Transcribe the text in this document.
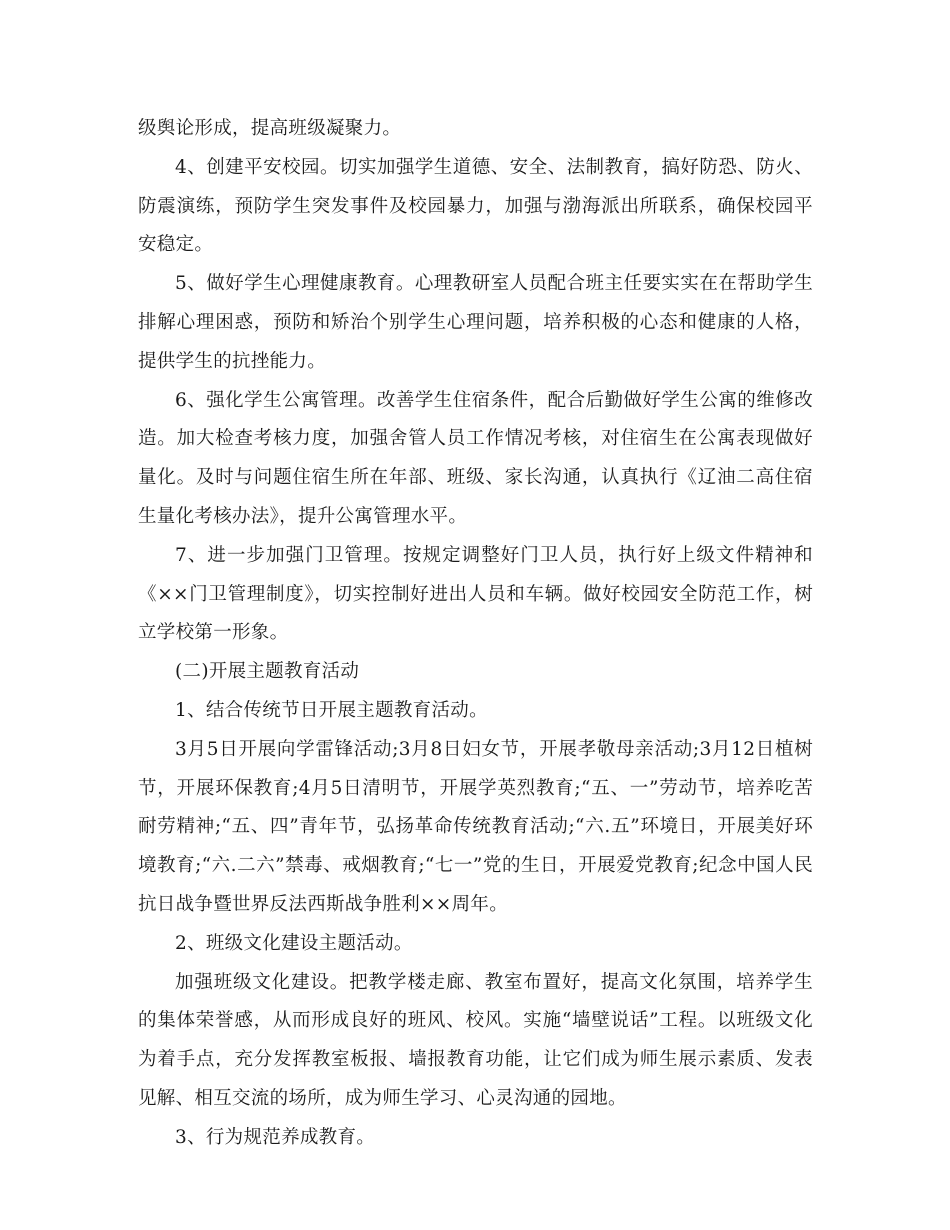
级舆论形成，提高班级凝聚力。

4、创建平安校园。切实加强学生道德、安全、法制教育，搞好防恐、防火、防震演练，预防学生突发事件及校园暴力，加强与渤海派出所联系，确保校园平安稳定。

5、做好学生心理健康教育。心理教研室人员配合班主任要实实在在帮助学生排解心理困惑，预防和矫治个别学生心理问题，培养积极的心态和健康的人格，提供学生的抗挫能力。

6、强化学生公寓管理。改善学生住宿条件，配合后勤做好学生公寓的维修改造。加大检查考核力度，加强舍管人员工作情况考核，对住宿生在公寓表现做好量化。及时与问题住宿生所在年部、班级、家长沟通，认真执行《辽油二高住宿生量化考核办法》，提升公寓管理水平。

7、进一步加强门卫管理。按规定调整好门卫人员，执行好上级文件精神和《××门卫管理制度》，切实控制好进出人员和车辆。做好校园安全防范工作，树立学校第一形象。

(二)开展主题教育活动

1、结合传统节日开展主题教育活动。

3月5日开展向学雷锋活动;3月8日妇女节，开展孝敬母亲活动;3月12日植树节，开展环保教育;4月5日清明节，开展学英烈教育;“五、一”劳动节，培养吃苦耐劳精神;“五、四”青年节，弘扬革命传统教育活动;“六.五”环境日，开展美好环境教育;“六.二六”禁毒、戒烟教育;“七一”党的生日，开展爱党教育;纪念中国人民抗日战争暨世界反法西斯战争胜利××周年。

2、班级文化建设主题活动。

加强班级文化建设。把教学楼走廊、教室布置好，提高文化氛围，培养学生的集体荣誉感，从而形成良好的班风、校风。实施“墙壁说话”工程。以班级文化为着手点，充分发挥教室板报、墙报教育功能，让它们成为师生展示素质、发表见解、相互交流的场所，成为师生学习、心灵沟通的园地。

3、行为规范养成教育。
